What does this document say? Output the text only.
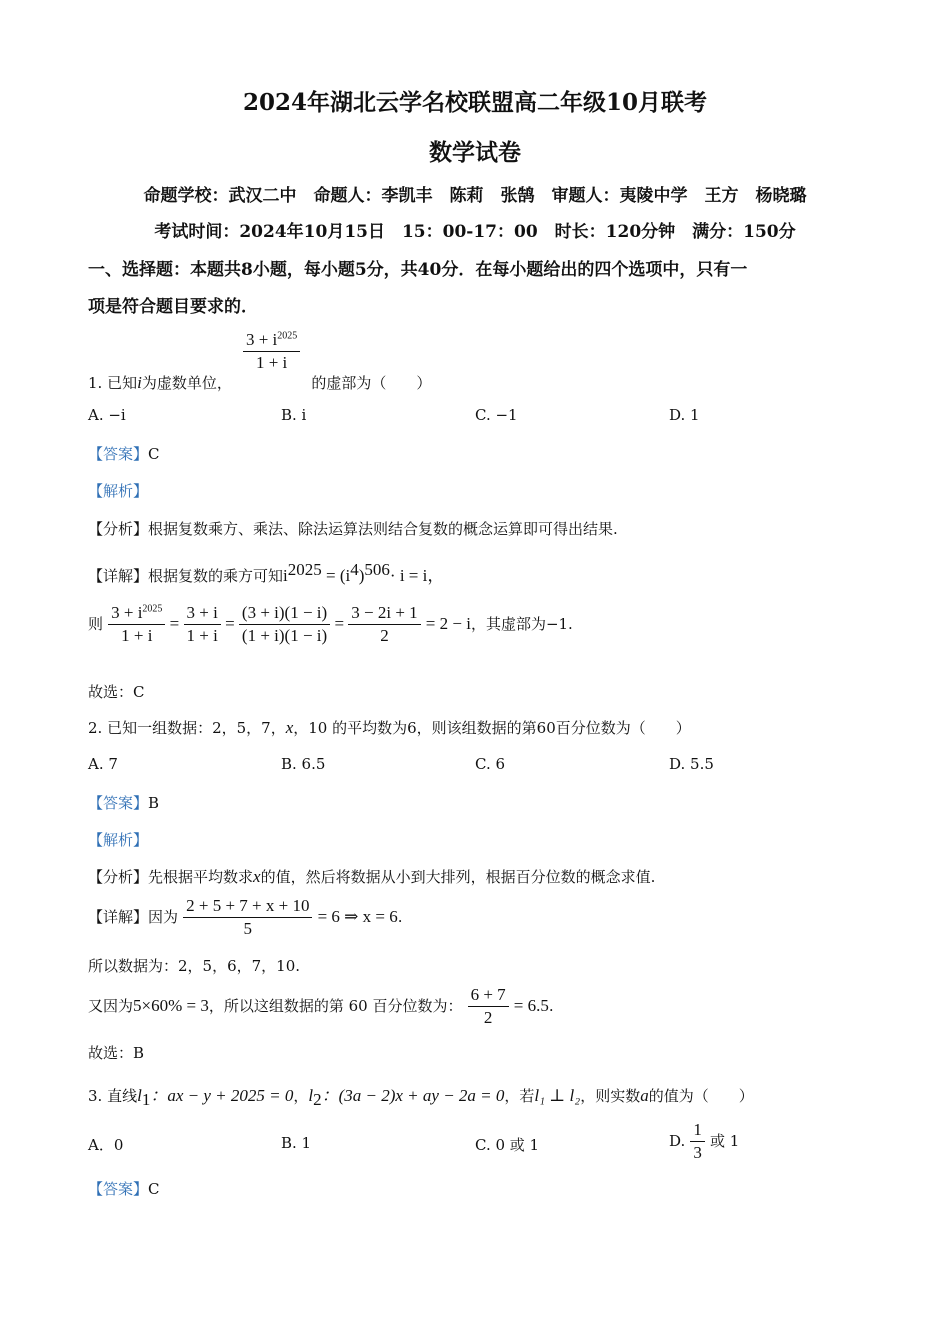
2024年湖北云学名校联盟高二年级10月联考
数学试卷
命题学校：武汉二中　命题人：李凯丰　陈莉　张鹄　审题人：夷陵中学　王方　杨晓璐
考试时间：2024年10月15日　15：00-17：00　时长：120分钟　满分：150分
一、选择题：本题共8小题，每小题5分，共40分．在每小题给出的四个选项中，只有一
项是符合题目要求的．
1. 已知i为虚数单位，
$\frac{3 + i^{2025}}{1 + i}$
的虚部为（　　）
A. −i	B. i	C. −1	D. 1
【答案】C
【解析】
【分析】根据复数乘方、乘法、除法运算法则结合复数的概念运算即可得出结果.
【详解】根据复数的乘方可知$i^{2025} = (i^4)^{506}\cdot i = i$，
则 $\frac{3 + i^{2025}}{1 + i} = \frac{3 + i}{1 + i} = \frac{(3 + i)(1 - i)}{(1 + i)(1 - i)} = \frac{3 - 2i + 1}{2} = 2 - i$，其虚部为−1.
故选：C
2. 已知一组数据：2，5，7，x，10 的平均数为6，则该组数据的第60百分位数为（　　）
A. 7	B. 6.5	C. 6	D. 5.5
【答案】B
【解析】
【分析】先根据平均数求x的值，然后将数据从小到大排列，根据百分位数的概念求值.
【详解】因为 $\frac{2 + 5 + 7 + x + 10}{5} = 6$ ⇒ x = 6.
所以数据为：2，5，6，7，10.
又因为5×60% = 3，所以这组数据的第 60 百分位数为： $\frac{6 + 7}{2} = 6.5$.
故选：B
3. 直线$l_1$：ax − y + 2025 = 0，$l_2$：(3a − 2)x + ay − 2a = 0，若l₁ ⊥ l₂，则实数a的值为（　　）
A．0	B. 1	C. 0 或 1	D. $\frac{1}{3}$ 或 1
【答案】C
